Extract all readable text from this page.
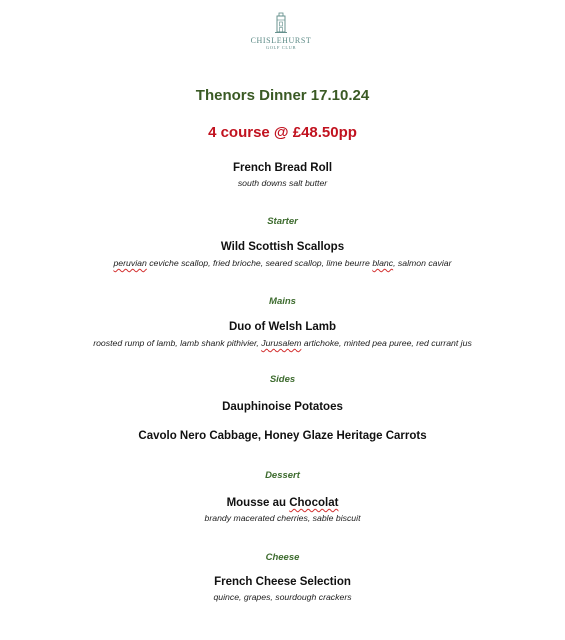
CHISLEHURST
GOLF CLUB
Thenors Dinner 17.10.24
4 course @ £48.50pp
French Bread Roll
south downs salt butter
Starter
Wild Scottish Scallops
peruvian ceviche scallop, fried brioche, seared scallop, lime beurre blanc, salmon caviar
Mains
Duo of Welsh Lamb
roosted rump of lamb, lamb shank pithivier, Jurusalem artichoke, minted pea puree, red currant jus
Sides
Dauphinoise Potatoes
Cavolo Nero Cabbage, Honey Glaze Heritage Carrots
Dessert
Mousse au Chocolat
brandy macerated cherries, sable biscuit
Cheese
French Cheese Selection
quince, grapes, sourdough crackers
